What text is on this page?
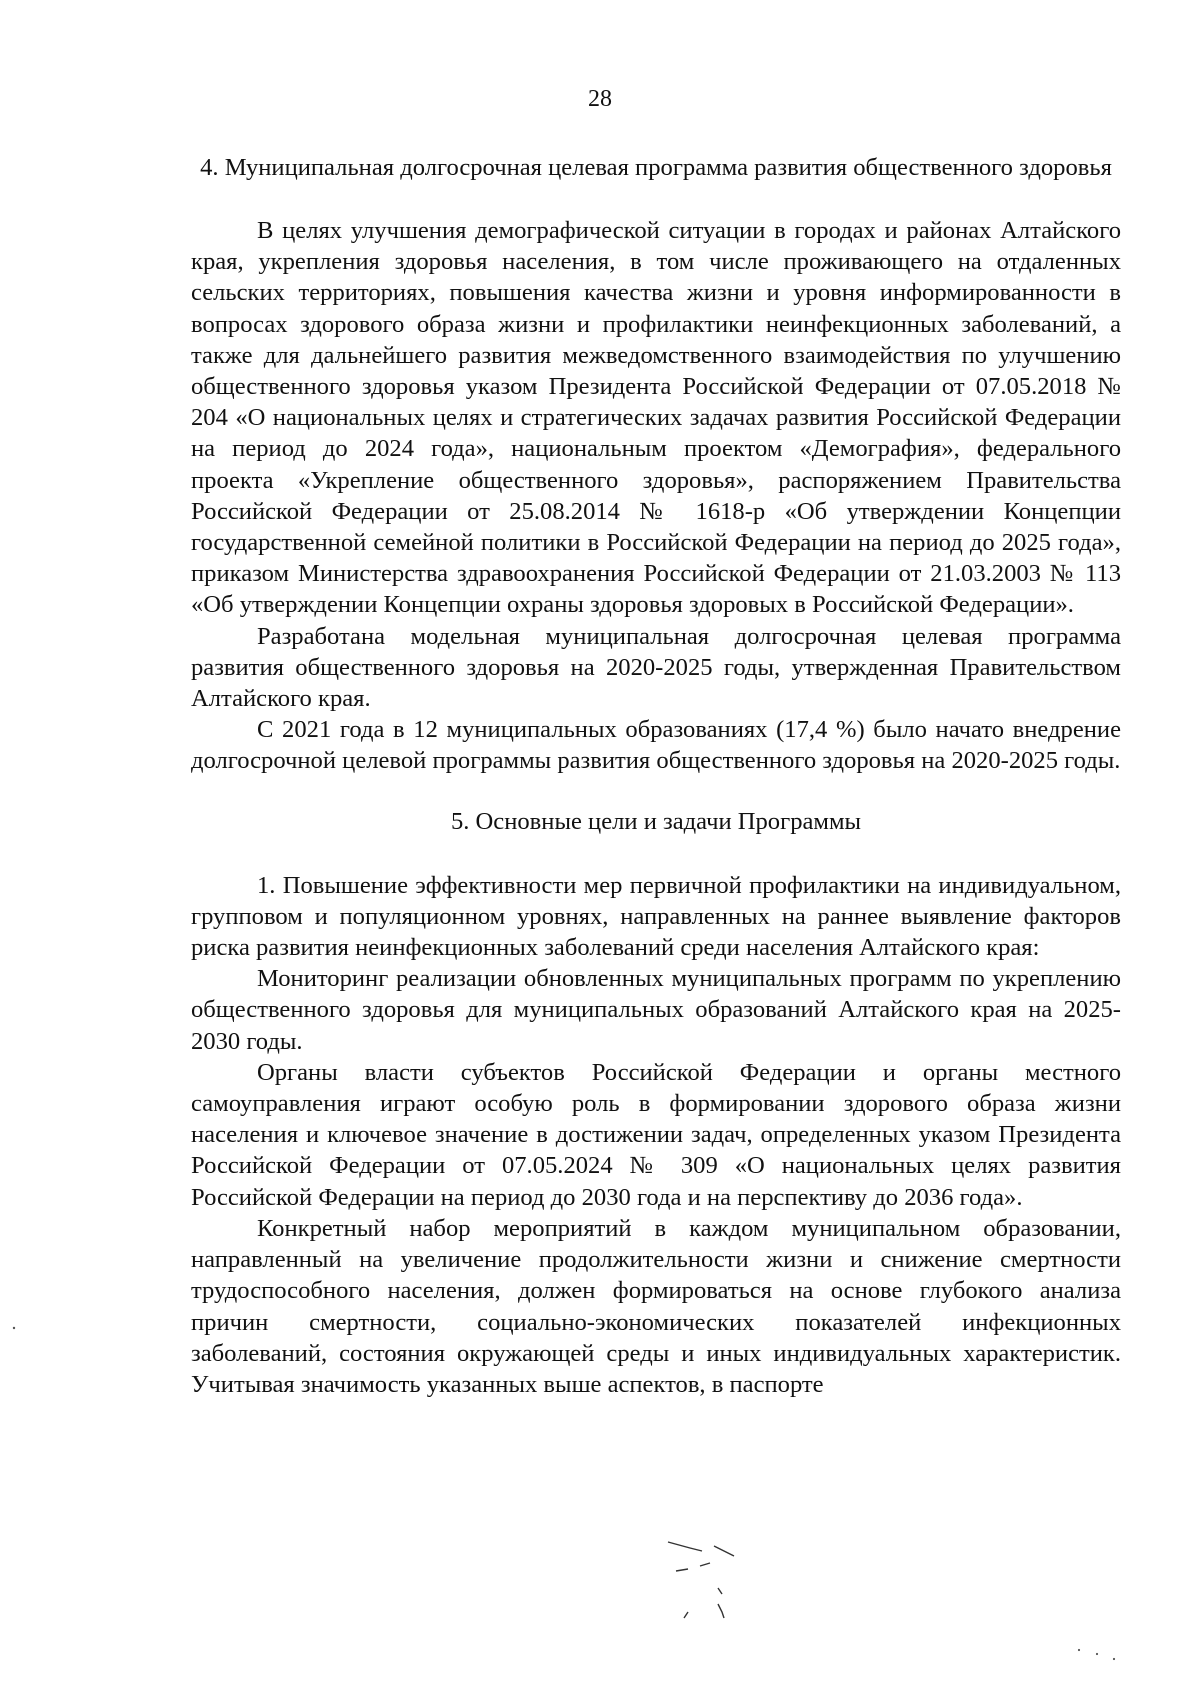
28
4. Муниципальная долгосрочная целевая программа развития общественного здоровья

В целях улучшения демографической ситуации в городах и районах Алтайского края, укрепления здоровья населения, в том числе проживающего на отдаленных сельских территориях, повышения качества жизни и уровня информированности в вопросах здорового образа жизни и профилактики неинфекционных заболеваний, а также для дальнейшего развития межведомственного взаимодействия по улучшению общественного здоровья указом Президента Российской Федерации от 07.05.2018 № 204 «О национальных целях и стратегических задачах развития Российской Федерации на период до 2024 года», национальным проектом «Демография», федерального проекта «Укрепление общественного здоровья», распоряжением Правительства Российской Федерации от 25.08.2014 № 1618-р «Об утверждении Концепции государственной семейной политики в Российской Федерации на период до 2025 года», приказом Министерства здравоохранения Российской Федерации от 21.03.2003 № 113 «Об утверждении Концепции охраны здоровья здоровых в Российской Федерации».

Разработана модельная муниципальная долгосрочная целевая программа развития общественного здоровья на 2020-2025 годы, утвержденная Правительством Алтайского края.

С 2021 года в 12 муниципальных образованиях (17,4 %) было начато внедрение долгосрочной целевой программы развития общественного здоровья на 2020-2025 годы.

5. Основные цели и задачи Программы

1. Повышение эффективности мер первичной профилактики на индивидуальном, групповом и популяционном уровнях, направленных на раннее выявление факторов риска развития неинфекционных заболеваний среди населения Алтайского края:

Мониторинг реализации обновленных муниципальных программ по укреплению общественного здоровья для муниципальных образований Алтайского края на 2025-2030 годы.

Органы власти субъектов Российской Федерации и органы местного самоуправления играют особую роль в формировании здорового образа жизни населения и ключевое значение в достижении задач, определенных указом Президента Российской Федерации от 07.05.2024 № 309 «О национальных целях развития Российской Федерации на период до 2030 года и на перспективу до 2036 года».

Конкретный набор мероприятий в каждом муниципальном образовании, направленный на увеличение продолжительности жизни и снижение смертности трудоспособного населения, должен формироваться на основе глубокого анализа причин смертности, социально-экономических показателей инфекционных заболеваний, состояния окружающей среды и иных индивидуальных характеристик. Учитывая значимость указанных выше аспектов, в паспорте
